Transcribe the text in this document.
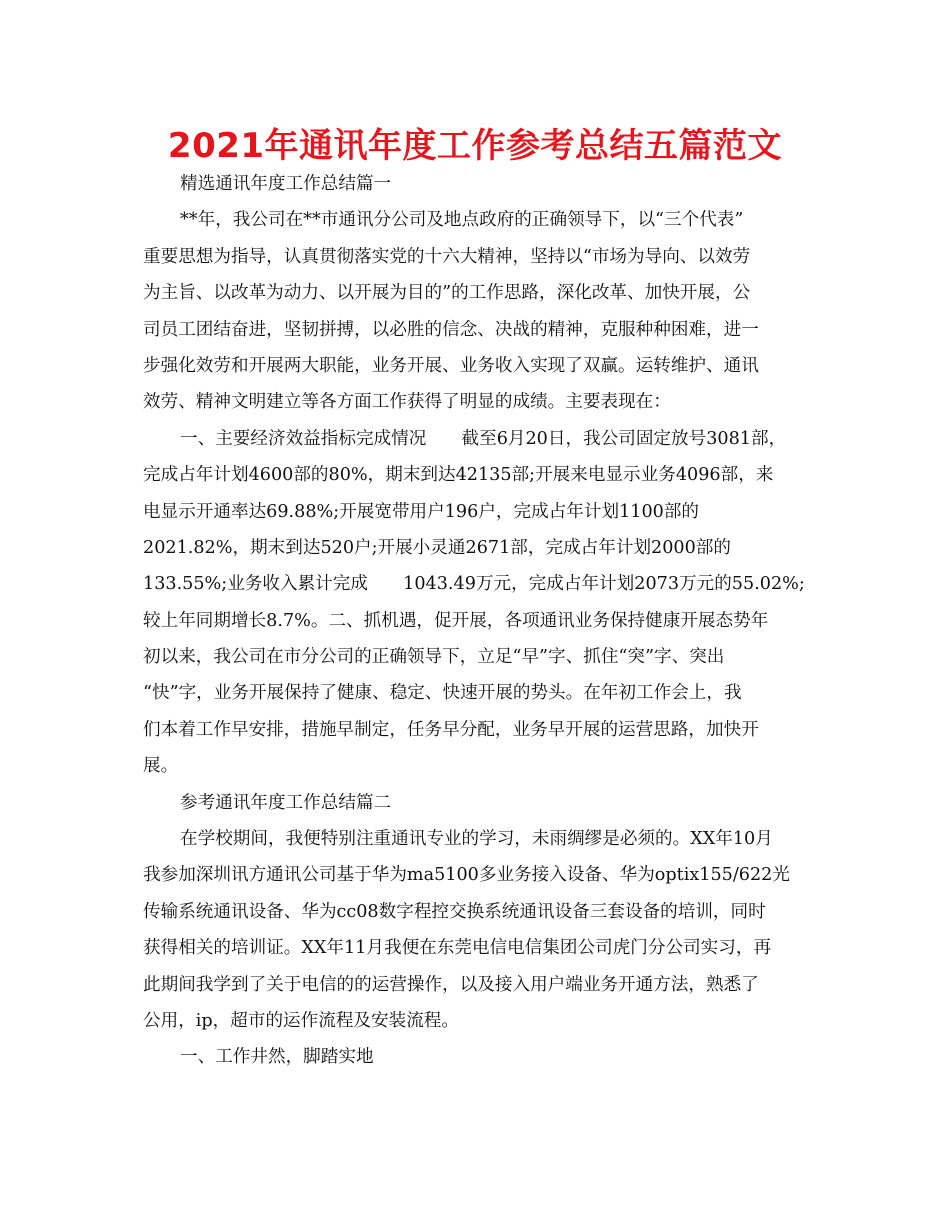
2021年通讯年度工作参考总结五篇范文
精选通讯年度工作总结篇一
**年，我公司在**市通讯分公司及地点政府的正确领导下，以“三个代表”
重要思想为指导，认真贯彻落实党的十六大精神，坚持以“市场为导向、以效劳
为主旨、以改革为动力、以开展为目的”的工作思路，深化改革、加快开展，公
司员工团结奋进，坚韧拼搏，以必胜的信念、决战的精神，克服种种困难，进一
步强化效劳和开展两大职能，业务开展、业务收入实现了双赢。运转维护、通讯
效劳、精神文明建立等各方面工作获得了明显的成绩。主要表现在：
一、主要经济效益指标完成情况　　截至6月20日，我公司固定放号3081部，
完成占年计划4600部的80%，期末到达42135部;开展来电显示业务4096部，来
电显示开通率达69.88%;开展宽带用户196户，完成占年计划1100部的
2021.82%，期末到达520户;开展小灵通2671部，完成占年计划2000部的
133.55%;业务收入累计完成　　1043.49万元，完成占年计划2073万元的55.02%;
较上年同期增长8.7%。二、抓机遇，促开展，各项通讯业务保持健康开展态势年
初以来，我公司在市分公司的正确领导下，立足“早”字、抓住“突”字、突出
“快”字，业务开展保持了健康、稳定、快速开展的势头。在年初工作会上，我
们本着工作早安排，措施早制定，任务早分配，业务早开展的运营思路，加快开
展。
参考通讯年度工作总结篇二
在学校期间，我便特别注重通讯专业的学习，未雨绸缪是必须的。XX年10月
我参加深圳讯方通讯公司基于华为ma5100多业务接入设备、华为optix155/622光
传输系统通讯设备、华为cc08数字程控交换系统通讯设备三套设备的培训，同时
获得相关的培训证。XX年11月我便在东莞电信电信集团公司虎门分公司实习，再
此期间我学到了关于电信的的运营操作，以及接入用户端业务开通方法，熟悉了
公用，ip，超市的运作流程及安装流程。
一、工作井然，脚踏实地
